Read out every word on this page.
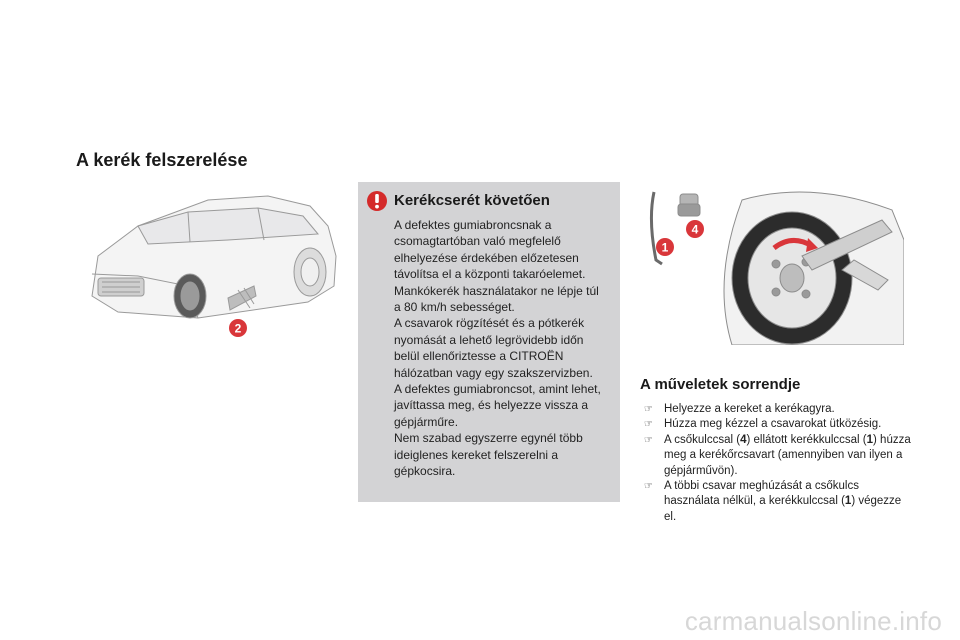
A kerék felszerelése
2
Kerékcserét követően

A defektes gumiabroncsnak a
csomagtartóban való megfelelő
elhelyezése érdekében előzetesen
távolítsa el a központi takaróelemet.
Mankókerék használatakor ne lépje túl
a 80 km/h sebességet.
A csavarok rögzítését és a pótkerék
nyomását a lehető legrövidebb időn
belül ellenőriztesse a CITROËN
hálózatban vagy egy szakszervizben.
A defektes gumiabroncsot, amint lehet,
javíttassa meg, és helyezze vissza a
gépjárműre.
Nem szabad egyszerre egynél több
ideiglenes kereket felszerelni a
gépkocsira.

4
1
A műveletek sorrendje
☞ Helyezze a kereket a kerékagyra.
☞ Húzza meg kézzel a csavarokat ütközésig.
☞ A csőkulccsal (4) ellátott kerékkulccsal (1) húzza meg a kerékőrcsavart (amennyiben van ilyen a gépjárművön).
☞ A többi csavar meghúzását a csőkulcs használata nélkül, a kerékkulccsal (1) végezze el.
carmanualsonline.info
